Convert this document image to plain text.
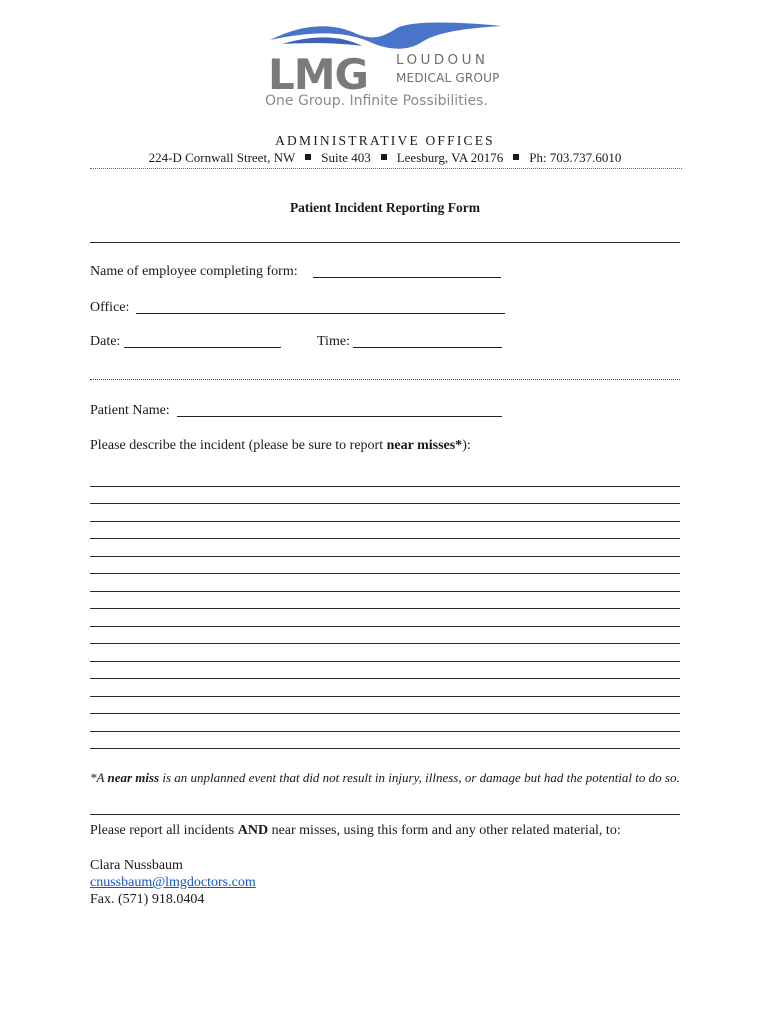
LMG LOUDOUN
MEDICAL GROUP
One Group. Infinite Possibilities.
ADMINISTRATIVE OFFICES
224-D Cornwall Street, NW Suite 403 Leesburg, VA 20176 Ph: 703.737.6010
Patient Incident Reporting Form
Name of employee completing form:
Office:
Date:	Time:
Patient Name:
Please describe the incident (please be sure to report near misses*):
*A near miss is an unplanned event that did not result in injury, illness, or damage but had the potential to do so.
Please report all incidents AND near misses, using this form and any other related material, to:
Clara Nussbaum
cnussbaum@lmgdoctors.com
Fax. (571) 918.0404
